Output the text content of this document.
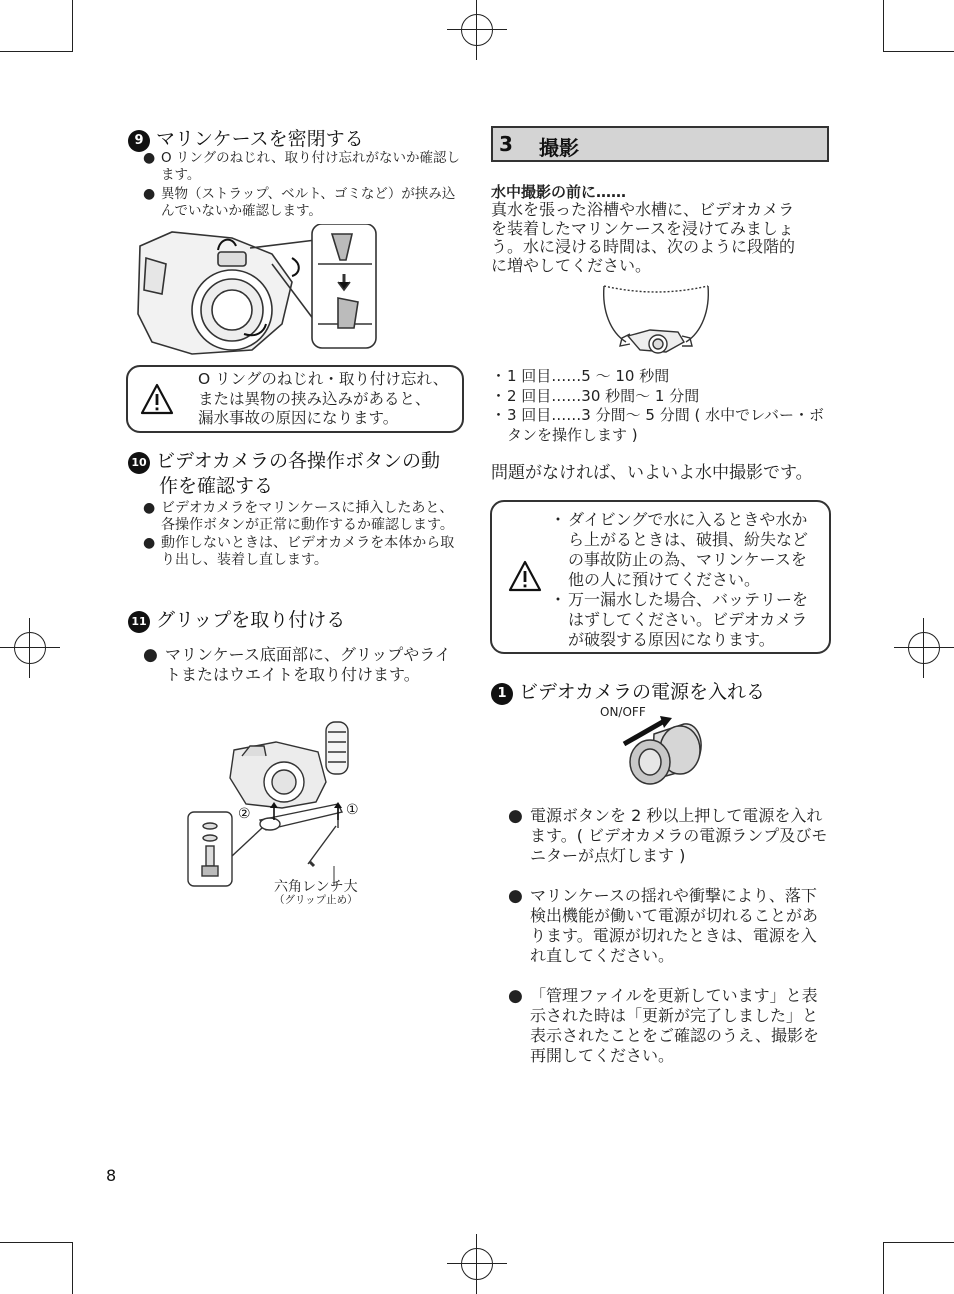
9 マリンケースを密閉する
● O リングのねじれ、取り付け忘れがないか確認します。
● 異物（ストラップ、ベルト、ゴミなど）が挟み込んでいないか確認します。
O リングのねじれ・取り付け忘れ、
または異物の挟み込みがあると、
漏水事故の原因になります。
10 ビデオカメラの各操作ボタンの動
作を確認する
● ビデオカメラをマリンケースに挿入したあと、各操作ボタンが正常に動作するか確認します。
● 動作しないときは、ビデオカメラを本体から取り出し、装着し直します。
11 グリップを取り付ける
● マリンケース底面部に、グリップやライトまたはウエイトを取り付けます。
②	①
六角レンチ大
（グリップ止め）
3 撮影
水中撮影の前に……
真水を張った浴槽や水槽に、ビデオカメラ
を装着したマリンケースを浸けてみましょ
う。水に浸ける時間は、次のように段階的
に増やしてください。
・ 1 回目……5 〜 10 秒間
・ 2 回目……30 秒間〜 1 分間
・ 3 回目……3 分間〜 5 分間 ( 水中でレバー・ボタンを操作します )
問題がなければ、いよいよ水中撮影です。
・ ダイビングで水に入るときや水から上がるときは、破損、紛失などの事故防止の為、マリンケースを他の人に預けてください。
・ 万一漏水した場合、バッテリーをはずしてください。ビデオカメラが破裂する原因になります。
1 ビデオカメラの電源を入れる
ON/OFF
● 電源ボタンを 2 秒以上押して電源を入れます。( ビデオカメラの電源ランプ及びモニターが点灯します )
● マリンケースの揺れや衝撃により、落下検出機能が働いて電源が切れることがあります。電源が切れたときは、電源を入れ直してください。
● 「管理ファイルを更新しています」と表示された時は「更新が完了しました」と表示されたことをご確認のうえ、撮影を再開してください。
8
